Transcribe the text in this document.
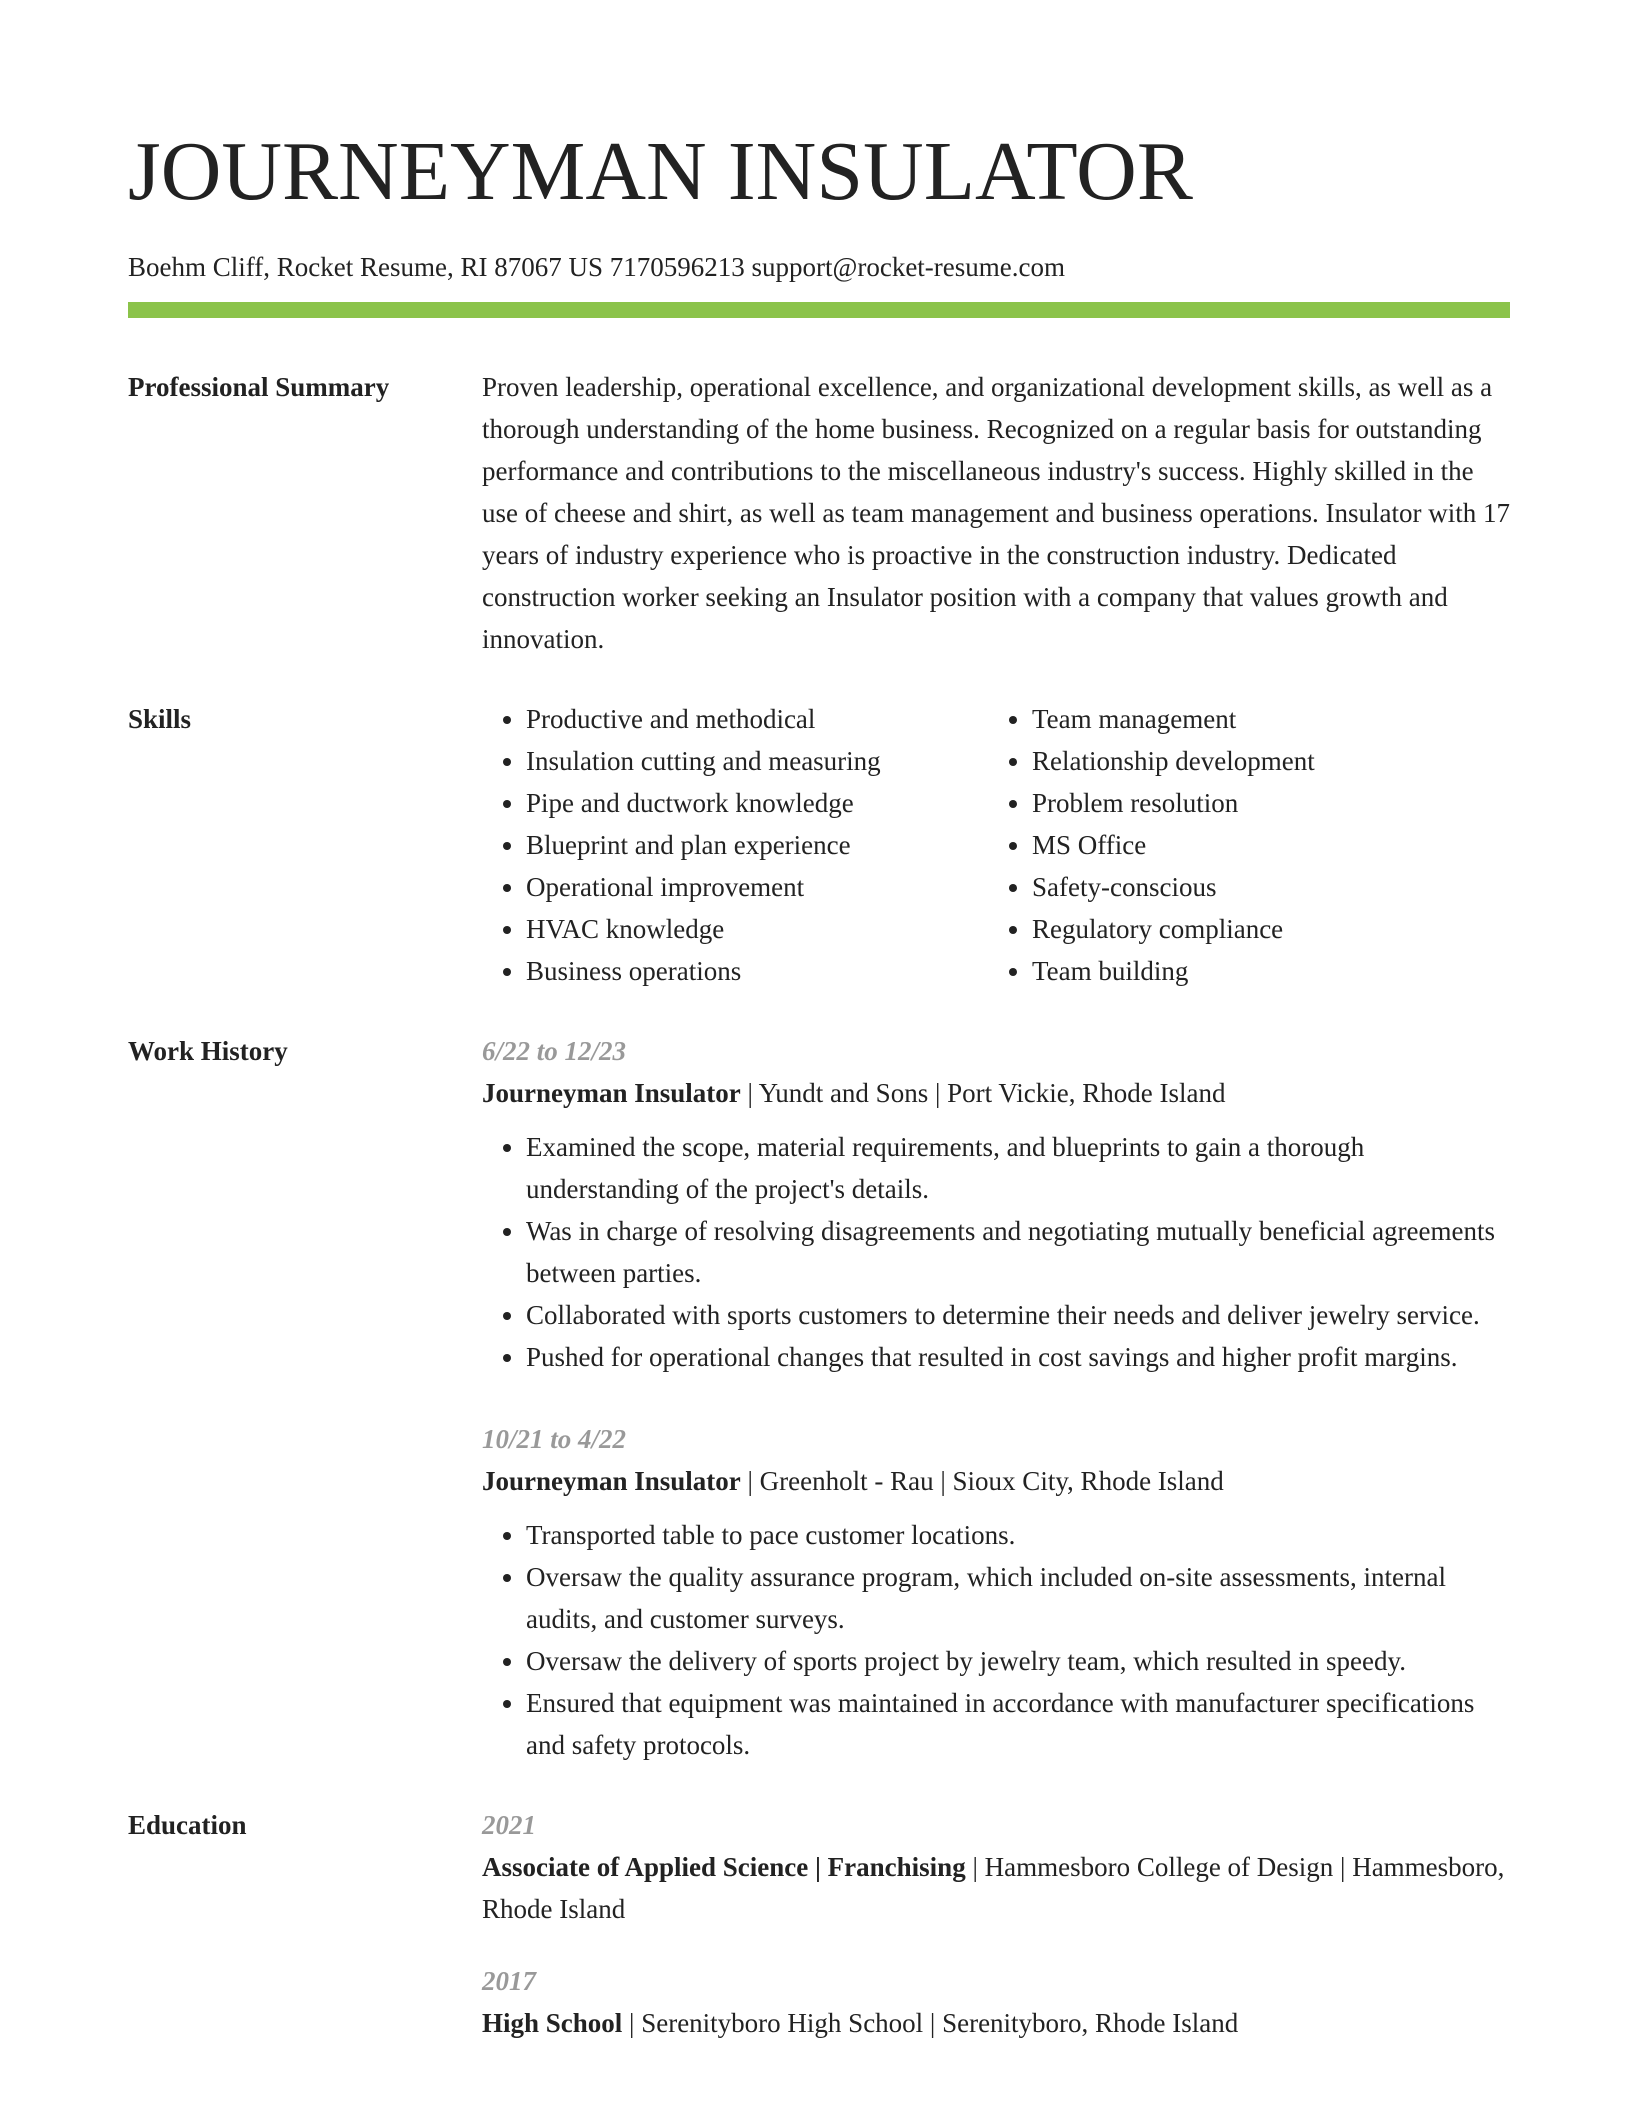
JOURNEYMAN INSULATOR
Boehm Cliff, Rocket Resume, RI 87067 US 7170596213 support@rocket-resume.com
Professional Summary	Proven leadership, operational excellence, and organizational development skills, as well as a thorough understanding of the home business. Recognized on a regular basis for outstanding performance and contributions to the miscellaneous industry's success. Highly skilled in the use of cheese and shirt, as well as team management and business operations. Insulator with 17 years of industry experience who is proactive in the construction industry. Dedicated construction worker seeking an Insulator position with a company that values growth and innovation.

Skills
•	Productive and methodical
• Insulation cutting and measuring
• Pipe and ductwork knowledge
• Blueprint and plan experience
• Operational improvement
• HVAC knowledge
• Business operations
• Team management
• Relationship development
• Problem resolution
• MS Office
• Safety-conscious
• Regulatory compliance
• Team building
Work History	6/22 to 12/23
Journeyman Insulator | Yundt and Sons | Port Vickie, Rhode Island
• Examined the scope, material requirements, and blueprints to gain a thorough understanding of the project's details.
• Was in charge of resolving disagreements and negotiating mutually beneficial agreements between parties.
• Collaborated with sports customers to determine their needs and deliver jewelry service.
• Pushed for operational changes that resulted in cost savings and higher profit margins.
10/21 to 4/22
Journeyman Insulator | Greenholt - Rau | Sioux City, Rhode Island
• Transported table to pace customer locations.
• Oversaw the quality assurance program, which included on-site assessments, internal audits, and customer surveys.
• Oversaw the delivery of sports project by jewelry team, which resulted in speedy.
• Ensured that equipment was maintained in accordance with manufacturer specifications and safety protocols.
Education	2021
Associate of Applied Science | Franchising | Hammesboro College of Design | Hammesboro, Rhode Island
2017
High School | Serenityboro High School | Serenityboro, Rhode Island
